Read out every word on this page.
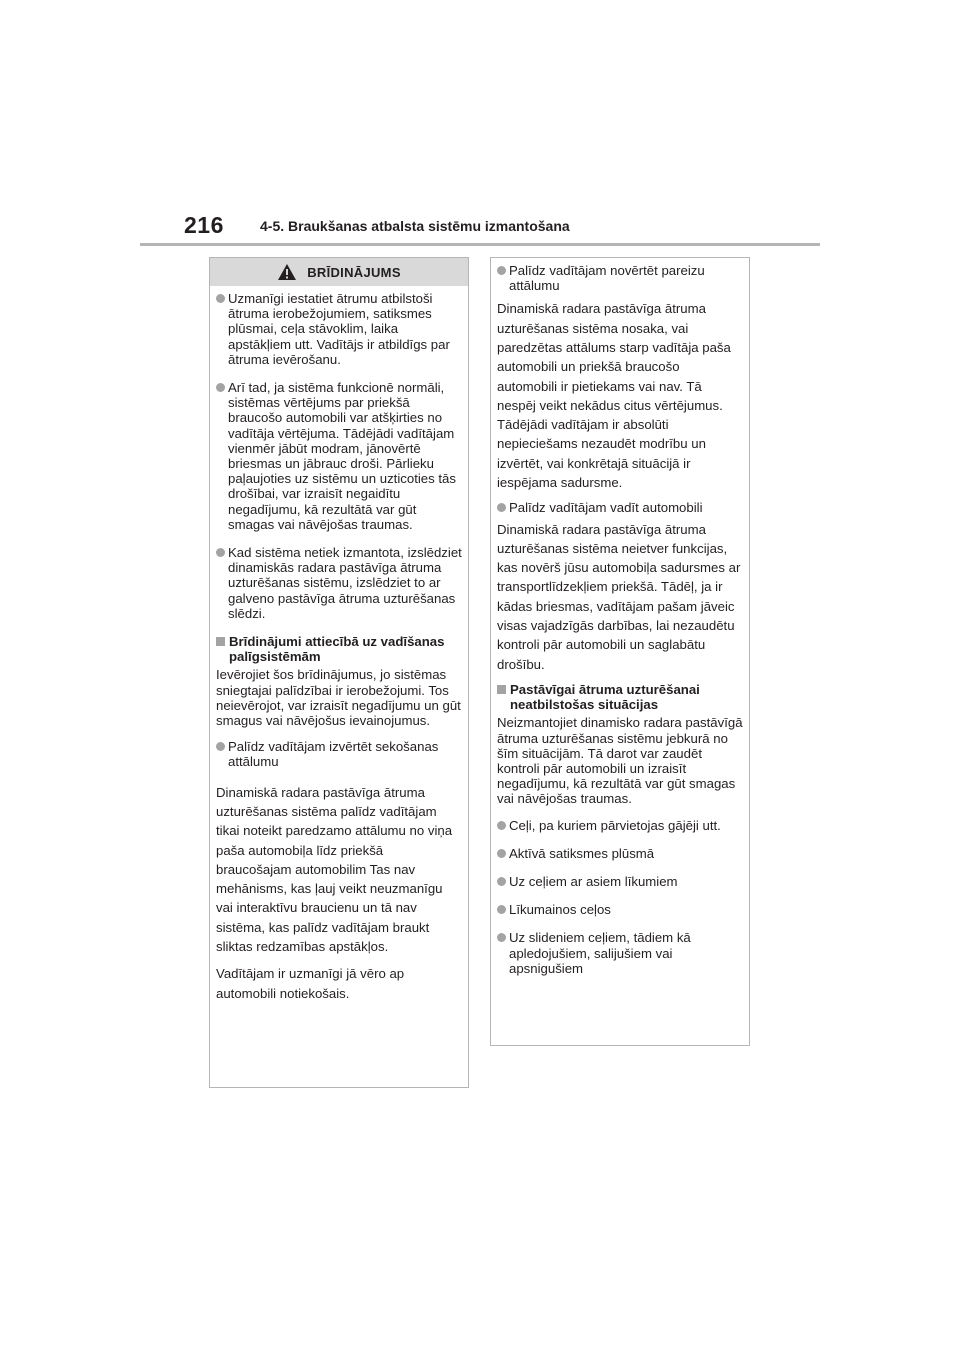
216	4-5. Braukšanas atbalsta sistēmu izmantošana
BRĪDINĀJUMS
Uzmanīgi iestatiet ātrumu atbilstoši ātruma ierobežojumiem, satiksmes plūsmai, ceļa stāvoklim, laika apstākļiem utt. Vadītājs ir atbildīgs par ātruma ievērošanu.
Arī tad, ja sistēma funkcionē normāli, sistēmas vērtējums par priekšā braucošo automobili var atšķirties no vadītāja vērtējuma. Tādējādi vadītājam vienmēr jābūt modram, jānovērtē briesmas un jābrauc droši. Pārlieku paļaujoties uz sistēmu un uzticoties tās drošībai, var izraisīt negaidītu negadījumu, kā rezultātā var gūt smagas vai nāvējošas traumas.
Kad sistēma netiek izmantota, izslēdziet dinamiskās radara pastāvīga ātruma uzturēšanas sistēmu, izslēdziet to ar galveno pastāvīga ātruma uzturēšanas slēdzi.
Brīdinājumi attiecībā uz vadīšanas palīgsistēmām
Ievērojiet šos brīdinājumus, jo sistēmas sniegtajai palīdzībai ir ierobežojumi. Tos neievērojot, var izraisīt negadījumu un gūt smagus vai nāvējošus ievainojumus.
Palīdz vadītājam izvērtēt sekošanas attālumu
Dinamiskā radara pastāvīga ātruma uzturēšanas sistēma palīdz vadītājam tikai noteikt paredzamo attālumu no viņa paša automobiļa līdz priekšā braucošajam automobilim Tas nav mehānisms, kas ļauj veikt neuzmanīgu vai interaktīvu braucienu un tā nav sistēma, kas palīdz vadītājam braukt sliktas redzamības apstākļos.
Vadītājam ir uzmanīgi jā vēro ap automobili notiekošais.
Palīdz vadītājam novērtēt pareizu attālumu
Dinamiskā radara pastāvīga ātruma uzturēšanas sistēma nosaka, vai paredzētas attālums starp vadītāja paša automobili un priekšā braucošo automobili ir pietiekams vai nav. Tā nespēj veikt nekādus citus vērtējumus. Tādējādi vadītājam ir absolūti nepieciešams nezaudēt modrību un izvērtēt, vai konkrētajā situācijā ir iespējama sadursme.
Palīdz vadītājam vadīt automobili
Dinamiskā radara pastāvīga ātruma uzturēšanas sistēma neietver funkcijas, kas novērš jūsu automobiļa sadursmes ar transportlīdzekļiem priekšā. Tādēļ, ja ir kādas briesmas, vadītājam pašam jāveic visas vajadzīgās darbības, lai nezaudētu kontroli pār automobili un saglabātu drošību.
Pastāvīgai ātruma uzturēšanai neatbilstošas situācijas
Neizmantojiet dinamisko radara pastāvīgā ātruma uzturēšanas sistēmu jebkurā no šīm situācijām. Tā darot var zaudēt kontroli pār automobili un izraisīt negadījumu, kā rezultātā var gūt smagas vai nāvējošas traumas.
Ceļi, pa kuriem pārvietojas gājēji utt.
Aktīvā satiksmes plūsmā
Uz ceļiem ar asiem līkumiem
Līkumainos ceļos
Uz slideniem ceļiem, tādiem kā apledojušiem, salijušiem vai apsnigušiem
